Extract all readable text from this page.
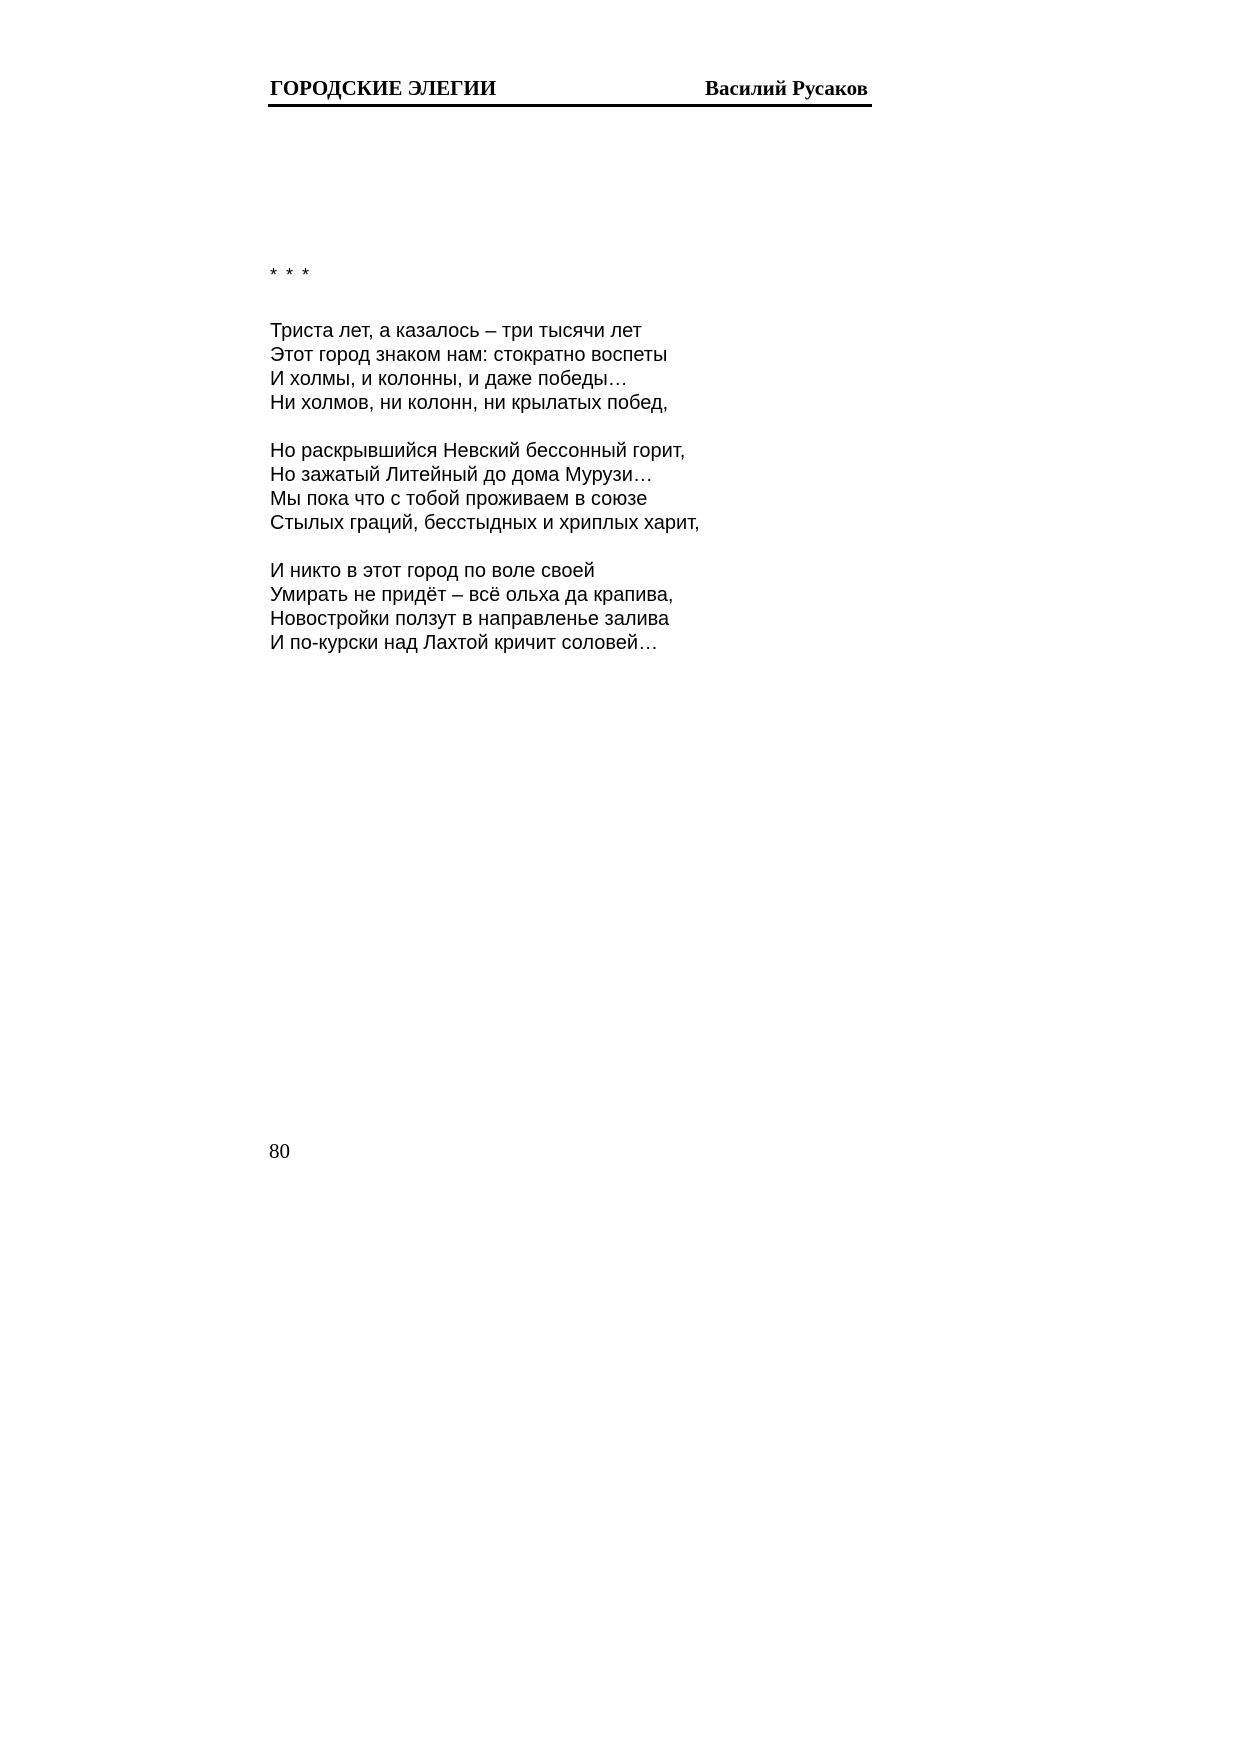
ГОРОДСКИЕ ЭЛЕГИИ	Василий Русаков
* * *
Триста лет, а казалось – три тысячи лет
Этот город знаком нам: стократно воспеты
И холмы, и колонны, и даже победы…
Ни холмов, ни колонн, ни крылатых побед,
Но раскрывшийся Невский бессонный горит,
Но зажатый Литейный до дома Мурузи…
Мы пока что с тобой проживаем в союзе
Стылых граций, бесстыдных и хриплых харит,
И никто в этот город по воле своей
Умирать не придёт – всё ольха да крапива,
Новостройки ползут в направленье залива
И по-курски над Лахтой кричит соловей…
80
